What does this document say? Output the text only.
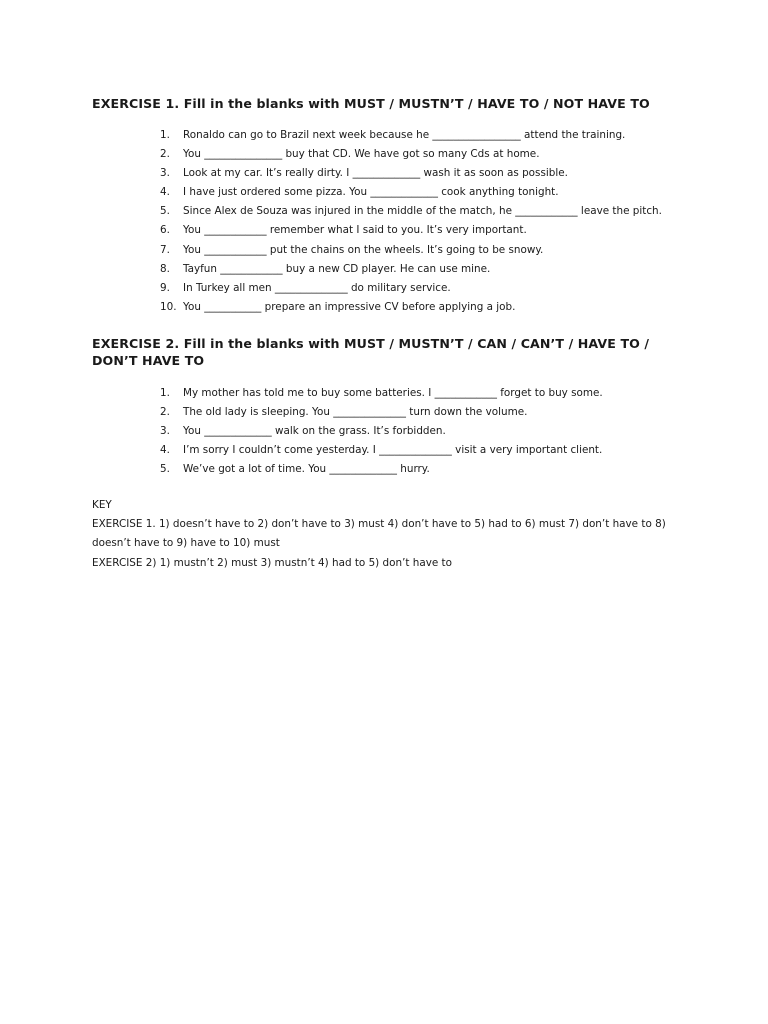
EXERCISE 1. Fill in the blanks with MUST / MUSTN’T / HAVE TO / NOT HAVE TO
1.	Ronaldo can go to Brazil next week because he _________________ attend the training.
2.	You _______________ buy that CD. We have got so many Cds at home.
3.	Look at my car. It’s really dirty. I _____________ wash it as soon as possible.
4.	I have just ordered some pizza. You _____________ cook anything tonight.
5.	Since Alex de Souza was injured in the middle of the match, he ____________ leave the pitch.
6.	You ____________ remember what I said to you. It’s very important.
7.	You ____________ put the chains on the wheels. It’s going to be snowy.
8.	Tayfun ____________ buy a new CD player. He can use mine.
9.	In Turkey all men ______________ do military service.
10. You ___________ prepare an impressive CV before applying a job.
EXERCISE 2. Fill in the blanks with MUST / MUSTN’T / CAN / CAN’T / HAVE TO / DON’T HAVE TO
1.	My mother has told me to buy some batteries. I ____________ forget to buy some.
2.	The old lady is sleeping. You ______________ turn down the volume.
3.	You _____________ walk on the grass. It’s forbidden.
4.	I’m sorry I couldn’t come yesterday. I ______________ visit a very important client.
5.	We’ve got a lot of time. You _____________ hurry.
KEY
EXERCISE 1. 1) doesn’t have to 2) don’t have to 3) must 4) don’t have to 5) had to 6) must 7) don’t have to 8)
doesn’t have to 9) have to 10) must
EXERCISE 2) 1) mustn’t 2) must 3) mustn’t 4) had to 5) don’t have to
